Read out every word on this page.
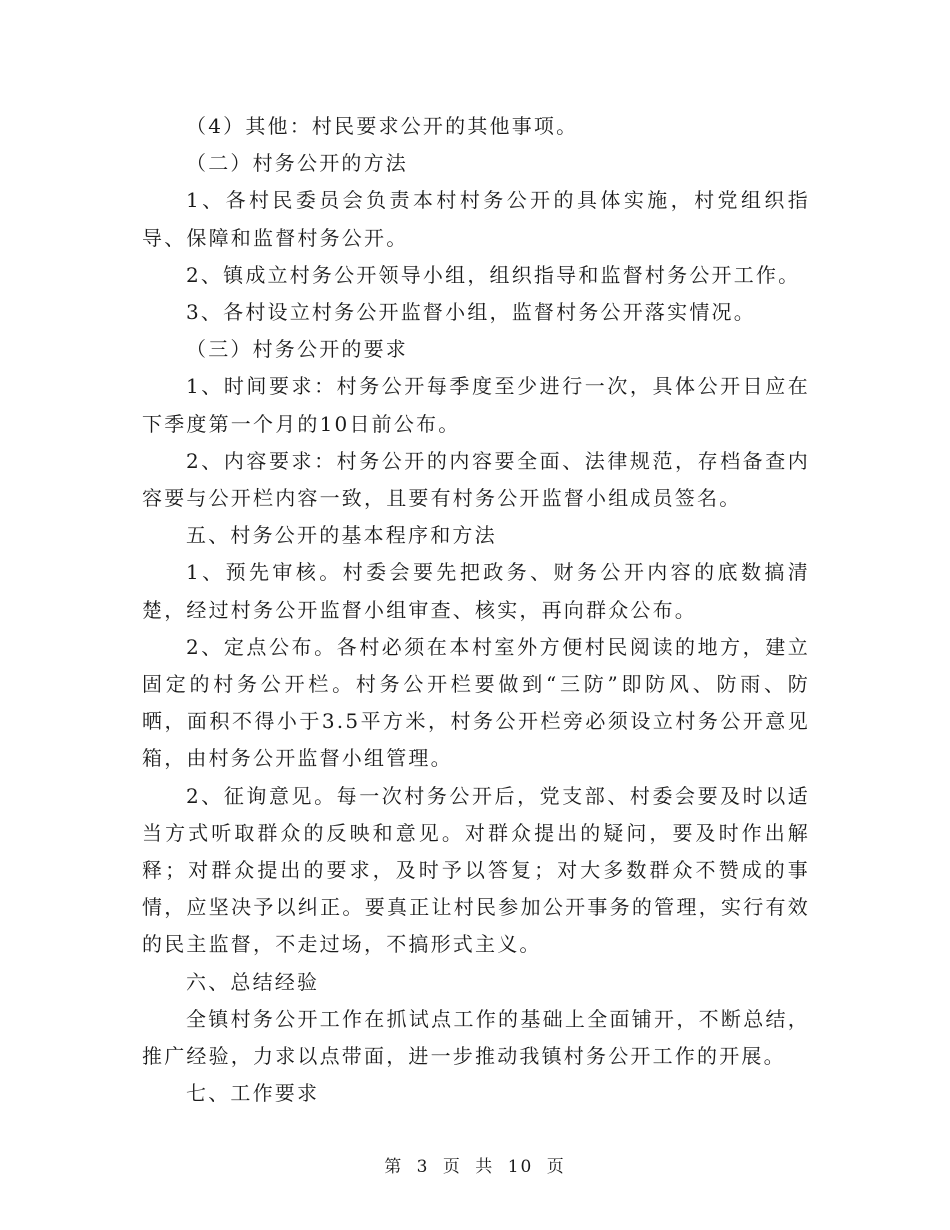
（4）其他：村民要求公开的其他事项。

（二）村务公开的方法

1、各村民委员会负责本村村务公开的具体实施，村党组织指导、保障和监督村务公开。

2、镇成立村务公开领导小组，组织指导和监督村务公开工作。

3、各村设立村务公开监督小组，监督村务公开落实情况。

（三）村务公开的要求

1、时间要求：村务公开每季度至少进行一次，具体公开日应在下季度第一个月的10日前公布。

2、内容要求：村务公开的内容要全面、法律规范，存档备查内容要与公开栏内容一致，且要有村务公开监督小组成员签名。

五、村务公开的基本程序和方法

1、预先审核。村委会要先把政务、财务公开内容的底数搞清楚，经过村务公开监督小组审查、核实，再向群众公布。

2、定点公布。各村必须在本村室外方便村民阅读的地方，建立固定的村务公开栏。村务公开栏要做到“三防”即防风、防雨、防晒，面积不得小于3.5平方米，村务公开栏旁必须设立村务公开意见箱，由村务公开监督小组管理。

2、征询意见。每一次村务公开后，党支部、村委会要及时以适当方式听取群众的反映和意见。对群众提出的疑问，要及时作出解释；对群众提出的要求，及时予以答复；对大多数群众不赞成的事情，应坚决予以纠正。要真正让村民参加公开事务的管理，实行有效的民主监督，不走过场，不搞形式主义。

六、总结经验

全镇村务公开工作在抓试点工作的基础上全面铺开，不断总结，推广经验，力求以点带面，进一步推动我镇村务公开工作的开展。

七、工作要求

第 3 页 共 10 页
